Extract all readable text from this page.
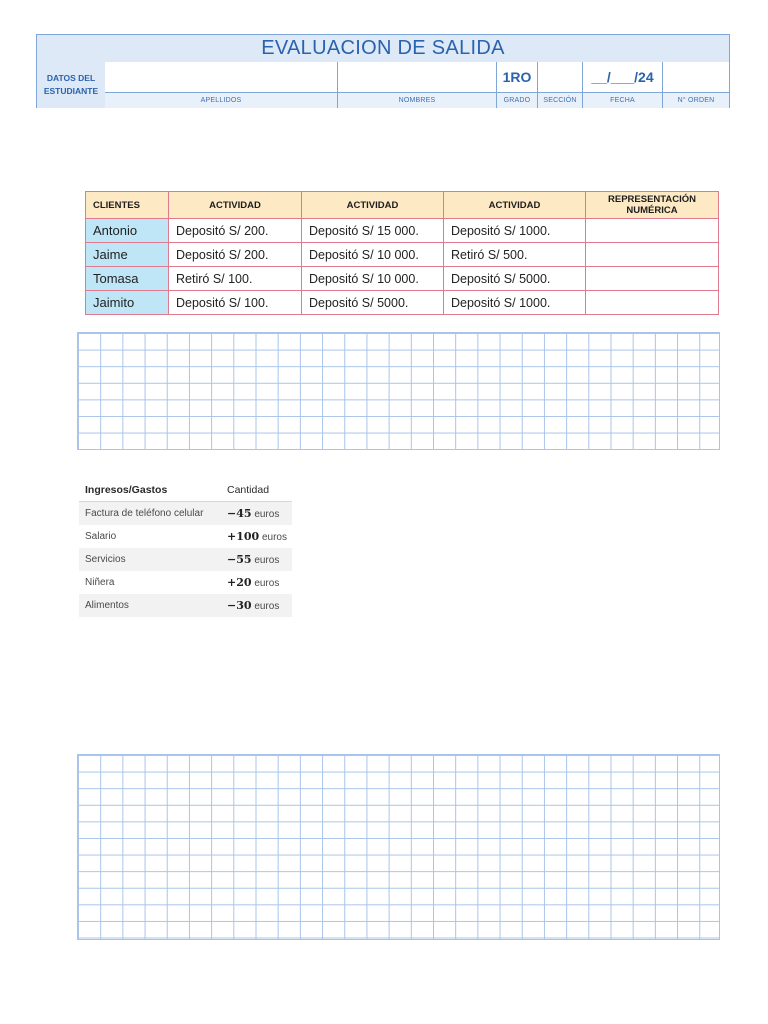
EVALUACION DE SALIDA
DATOS DEL ESTUDIANTE
APELLIDOS	NOMBRES
1RO
GRADO	SECCIÓN
__/___/24
FECHA	N° ORDEN
CLIENTES	ACTIVIDAD	ACTIVIDAD	ACTIVIDAD	REPRESENTACIÓN NUMÉRICA
Antonio	Depositó S/ 200.	Depositó S/ 15 000.	Depositó S/ 1000.	
Jaime	Depositó S/ 200.	Depositó S/ 10 000.	Retiró S/ 500.	
Tomasa	Retiró S/ 100.	Depositó S/ 10 000.	Depositó S/ 5000.	
Jaimito	Depositó S/ 100.	Depositó S/ 5000.	Depositó S/ 1000.	
Ingresos/Gastos	Cantidad
Factura de teléfono celular	−45 euros
Salario	+100 euros
Servicios	−55 euros
Niñera	+20 euros
Alimentos	−30 euros
